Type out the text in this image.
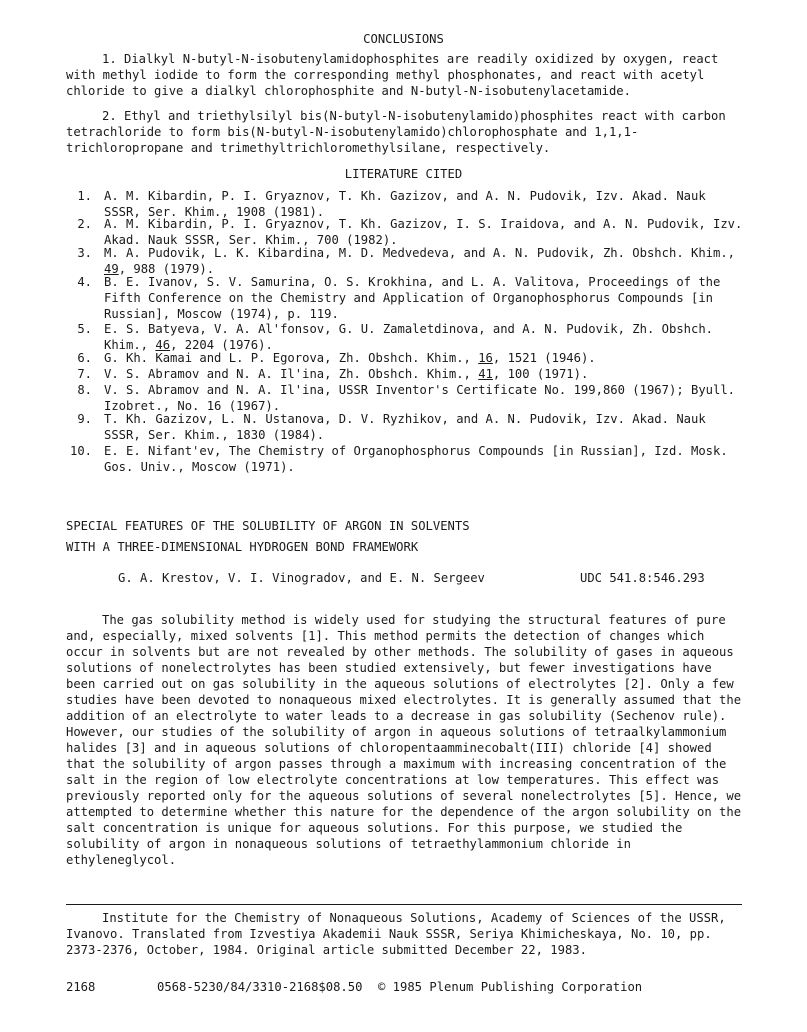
CONCLUSIONS

1. Dialkyl N-butyl-N-isobutenylamidophosphites are readily oxidized by oxygen, react with methyl iodide to form the corresponding methyl phosphonates, and react with acetyl chloride to give a dialkyl chlorophosphite and N-butyl-N-isobutenylacetamide.

2. Ethyl and triethylsilyl bis(N-butyl-N-isobutenylamido)phosphites react with carbon tetrachloride to form bis(N-butyl-N-isobutenylamido)chlorophosphate and 1,1,1-trichloropropane and trimethyltrichloromethylsilane, respectively.

LITERATURE CITED
1. A. M. Kibardin, P. I. Gryaznov, T. Kh. Gazizov, and A. N. Pudovik, Izv. Akad. Nauk SSSR, Ser. Khim., 1908 (1981).
2. A. M. Kibardin, P. I. Gryaznov, T. Kh. Gazizov, I. S. Iraidova, and A. N. Pudovik, Izv. Akad. Nauk SSSR, Ser. Khim., 700 (1982).
3. M. A. Pudovik, L. K. Kibardina, M. D. Medvedeva, and A. N. Pudovik, Zh. Obshch. Khim., 49, 988 (1979).
4. B. E. Ivanov, S. V. Samurina, O. S. Krokhina, and L. A. Valitova, Proceedings of the Fifth Conference on the Chemistry and Application of Organophosphorus Compounds [in Russian], Moscow (1974), p. 119.
5. E. S. Batyeva, V. A. Al'fonsov, G. U. Zamaletdinova, and A. N. Pudovik, Zh. Obshch. Khim., 46, 2204 (1976).
6. G. Kh. Kamai and L. P. Egorova, Zh. Obshch. Khim., 16, 1521 (1946).
7. V. S. Abramov and N. A. Il'ina, Zh. Obshch. Khim., 41, 100 (1971).
8. V. S. Abramov and N. A. Il'ina, USSR Inventor's Certificate No. 199,860 (1967); Byull. Izobret., No. 16 (1967).
9. T. Kh. Gazizov, L. N. Ustanova, D. V. Ryzhikov, and A. N. Pudovik, Izv. Akad. Nauk SSSR, Ser. Khim., 1830 (1984).
10. E. E. Nifant'ev, The Chemistry of Organophosphorus Compounds [in Russian], Izd. Mosk. Gos. Univ., Moscow (1971).
SPECIAL FEATURES OF THE SOLUBILITY OF ARGON IN SOLVENTS
WITH A THREE-DIMENSIONAL HYDROGEN BOND FRAMEWORK
G. A. Krestov, V. I. Vinogradov, and E. N. Sergeev	UDC 541.8:546.293

The gas solubility method is widely used for studying the structural features of pure and, especially, mixed solvents [1]. This method permits the detection of changes which occur in solvents but are not revealed by other methods. The solubility of gases in aqueous solutions of nonelectrolytes has been studied extensively, but fewer investigations have been carried out on gas solubility in the aqueous solutions of electrolytes [2]. Only a few studies have been devoted to nonaqueous mixed electrolytes. It is generally assumed that the addition of an electrolyte to water leads to a decrease in gas solubility (Sechenov rule). However, our studies of the solubility of argon in aqueous solutions of tetraalkylammonium halides [3] and in aqueous solutions of chloropentaamminecobalt(III) chloride [4] showed that the solubility of argon passes through a maximum with increasing concentration of the salt in the region of low electrolyte concentrations at low temperatures. This effect was previously reported only for the aqueous solutions of several nonelectrolytes [5]. Hence, we attempted to determine whether this nature for the dependence of the argon solubility on the salt concentration is unique for aqueous solutions. For this purpose, we studied the solubility of argon in nonaqueous solutions of tetraethylammonium chloride in ethyleneglycol.

Institute for the Chemistry of Nonaqueous Solutions, Academy of Sciences of the USSR, Ivanovo. Translated from Izvestiya Akademii Nauk SSSR, Seriya Khimicheskaya, No. 10, pp. 2373-2376, October, 1984. Original article submitted December 22, 1983.

2168	0568-5230/84/3310-2168$08.50 © 1985 Plenum Publishing Corporation
